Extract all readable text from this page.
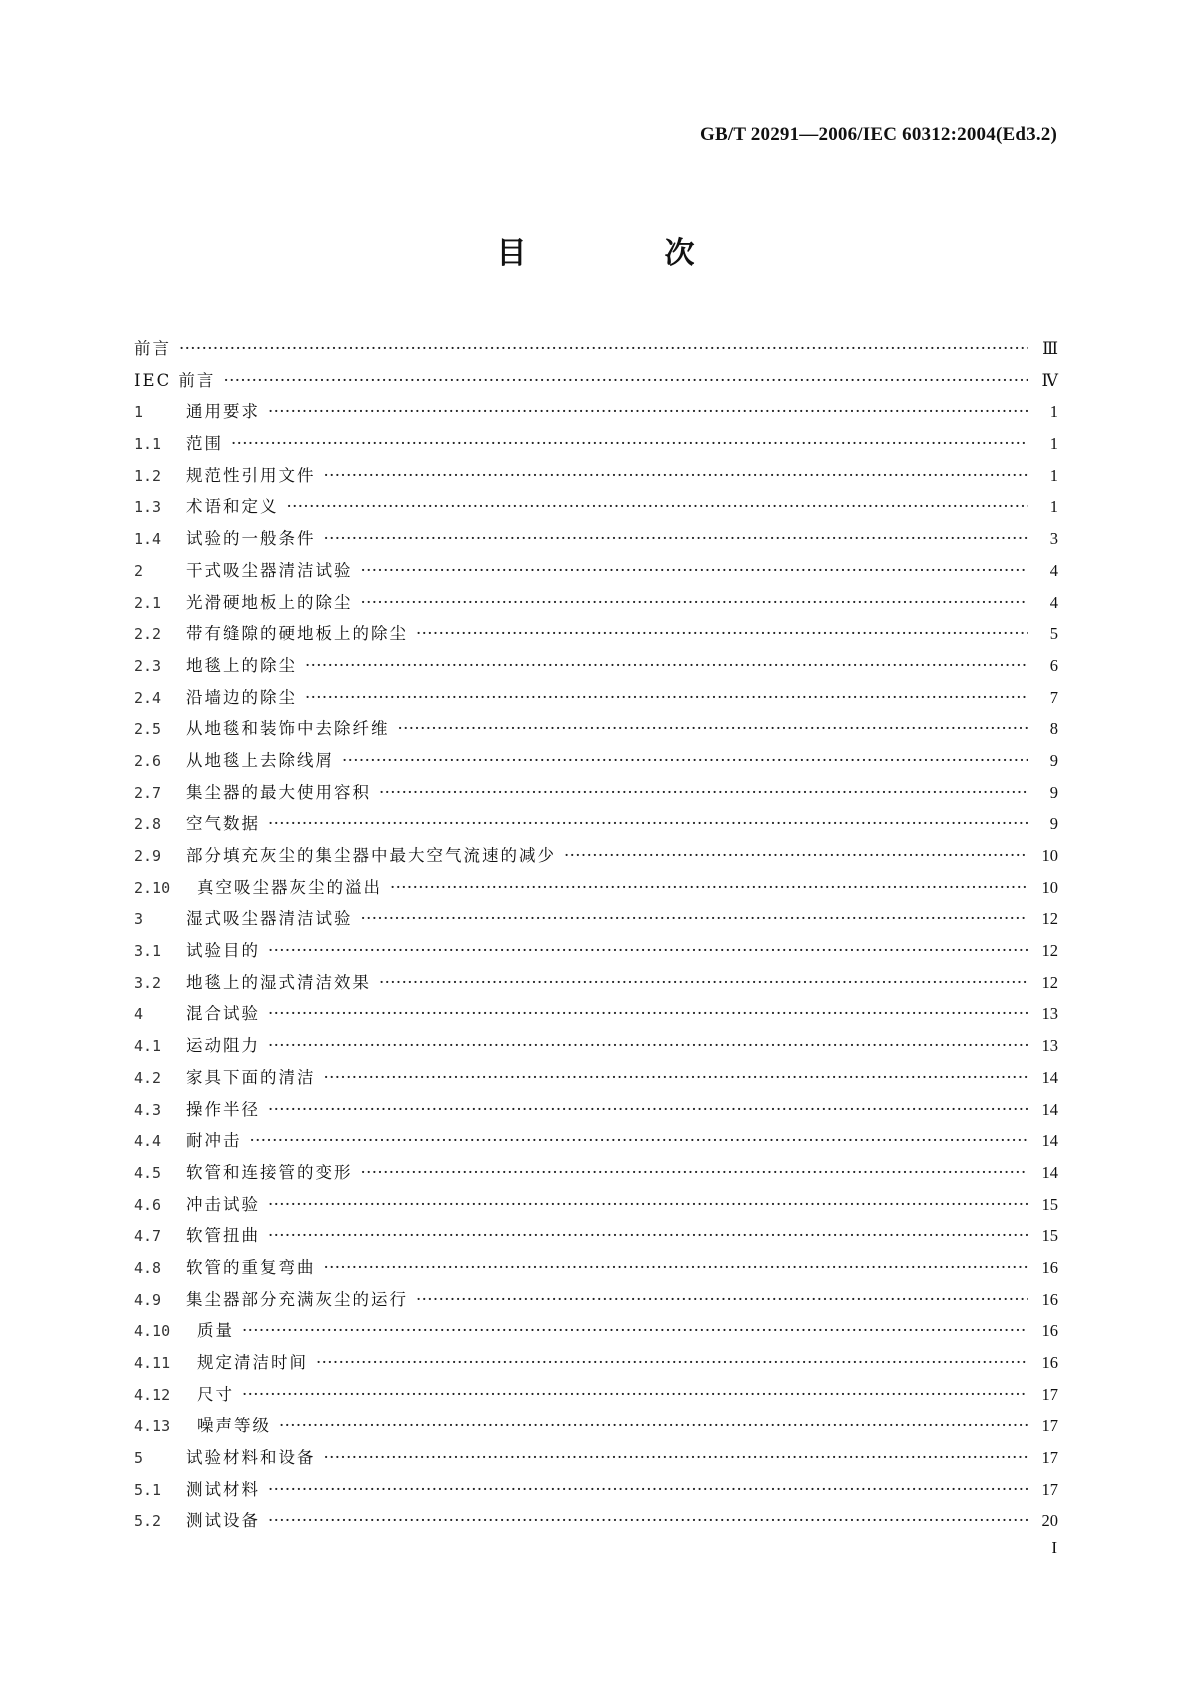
GB/T 20291—2006/IEC 60312:2004(Ed3.2)
目　次
前言 ·····	Ⅲ
IEC 前言 ·····	Ⅳ
1	通用要求 ·····	1
1.1	范围 ·····	1
1.2	规范性引用文件 ·····	1
1.3	术语和定义 ·····	1
1.4	试验的一般条件 ·····	3
2	干式吸尘器清洁试验 ·····	4
2.1	光滑硬地板上的除尘 ·····	4
2.2	带有缝隙的硬地板上的除尘 ·····	5
2.3	地毯上的除尘 ·····	6
2.4	沿墙边的除尘 ·····	7
2.5	从地毯和装饰中去除纤维 ·····	8
2.6	从地毯上去除线屑 ·····	9
2.7	集尘器的最大使用容积 ·····	9
2.8	空气数据 ·····	9
2.9	部分填充灰尘的集尘器中最大空气流速的减少 ·····	10
2.10	真空吸尘器灰尘的溢出 ·····	10
3	湿式吸尘器清洁试验 ·····	12
3.1	试验目的 ·····	12
3.2	地毯上的湿式清洁效果 ·····	12
4	混合试验 ·····	13
4.1	运动阻力 ·····	13
4.2	家具下面的清洁 ·····	14
4.3	操作半径 ·····	14
4.4	耐冲击 ·····	14
4.5	软管和连接管的变形 ·····	14
4.6	冲击试验 ·····	15
4.7	软管扭曲 ·····	15
4.8	软管的重复弯曲 ·····	16
4.9	集尘器部分充满灰尘的运行 ·····	16
4.10	质量 ·····	16
4.11	规定清洁时间 ·····	16
4.12	尺寸 ·····	17
4.13	噪声等级 ·····	17
5	试验材料和设备 ·····	17
5.1	测试材料 ·····	17
5.2	测试设备 ·····	20
I
